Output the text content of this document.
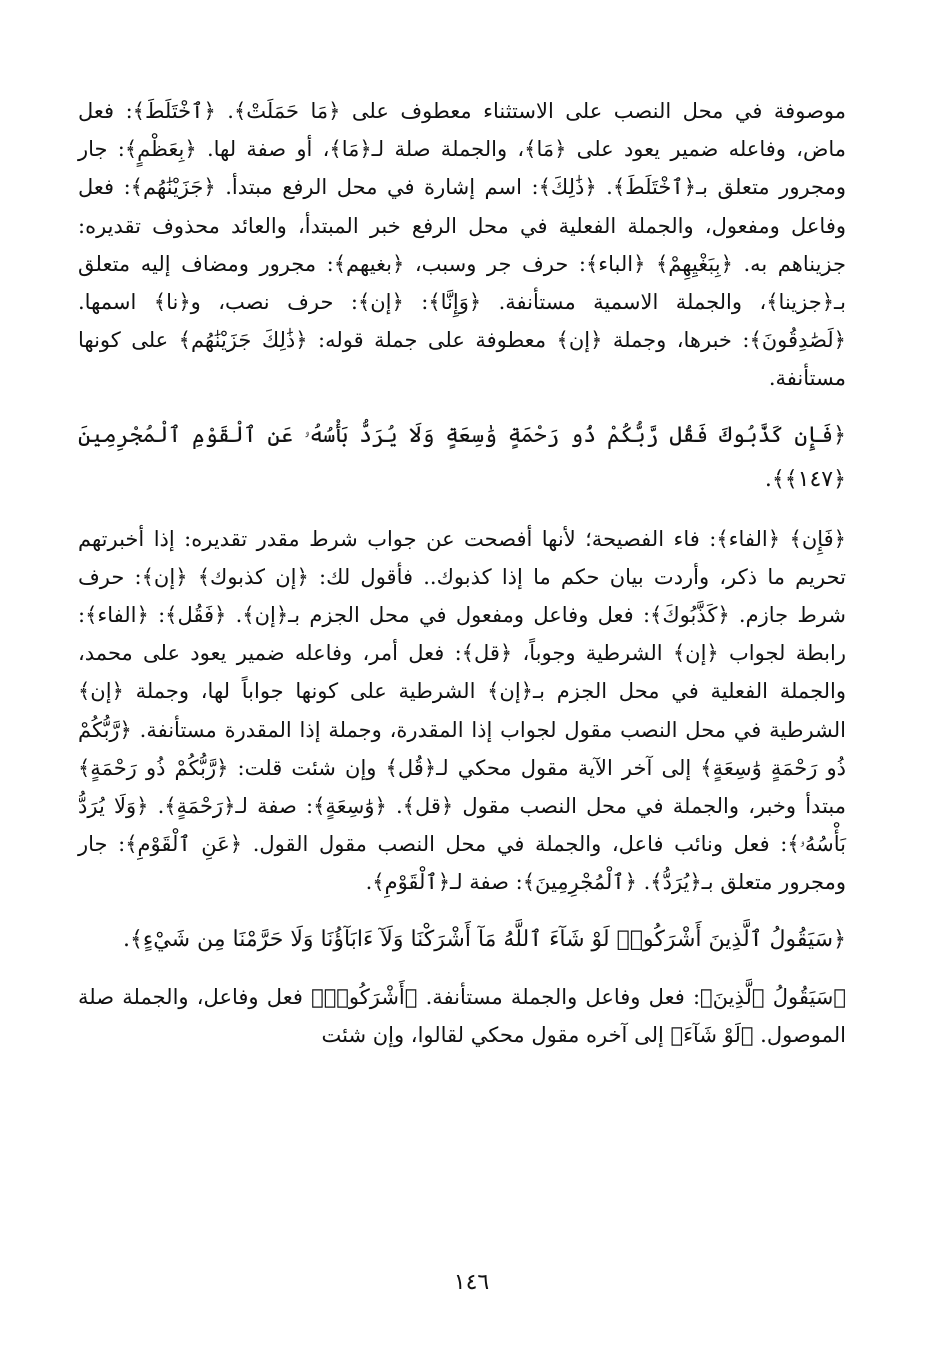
موصوفة في محل النصب على الاستثناء معطوف على ﴿مَا حَمَلَتْ﴾. ﴿ٱخْتَلَطَ﴾: فعل ماض، وفاعله ضمير يعود على ﴿مَا﴾، والجملة صلة لـ﴿مَا﴾، أو صفة لها. ﴿بِعَظْمٍ﴾: جار ومجرور متعلق بـ﴿ٱخْتَلَطَ﴾. ﴿ذَٰلِكَ﴾: اسم إشارة في محل الرفع مبتدأ. ﴿جَزَيْنَٰهُم﴾: فعل وفاعل ومفعول، والجملة الفعلية في محل الرفع خبر المبتدأ، والعائد محذوف تقديره: جزيناهم به. ﴿بِبَغْيِهِمْ﴾ ﴿الباء﴾: حرف جر وسبب، ﴿بغيهم﴾: مجرور ومضاف إليه متعلق بـ﴿جزينا﴾، والجملة الاسمية مستأنفة. ﴿وَإِنَّا﴾: ﴿إن﴾: حرف نصب، و﴿نا﴾ اسمها. ﴿لَصَٰدِقُونَ﴾: خبرها، وجملة ﴿إن﴾ معطوفة على جملة قوله: ﴿ذَٰلِكَ جَزَيْنَٰهُم﴾ على كونها مستأنفة.

﴿فَإِن كَذَّبُوكَ فَقُل رَّبُّكُمْ ذُو رَحْمَةٍ وَٰسِعَةٍ وَلَا يُرَدُّ بَأْسُهُۥ عَنِ ٱلْقَوْمِ ٱلْمُجْرِمِينَ ﴿١٤٧﴾﴾.

﴿فَإِن﴾ ﴿الفاء﴾: فاء الفصيحة؛ لأنها أفصحت عن جواب شرط مقدر تقديره: إذا أخبرتهم تحريم ما ذكر، وأردت بيان حكم ما إذا كذبوك.. فأقول لك: ﴿إن كذبوك﴾ ﴿إن﴾: حرف شرط جازم. ﴿كَذَّبُوكَ﴾: فعل وفاعل ومفعول في محل الجزم بـ﴿إن﴾. ﴿فَقُل﴾: ﴿الفاء﴾: رابطة لجواب ﴿إن﴾ الشرطية وجوباً، ﴿قل﴾: فعل أمر، وفاعله ضمير يعود على محمد، والجملة الفعلية في محل الجزم بـ﴿إن﴾ الشرطية على كونها جواباً لها، وجملة ﴿إن﴾ الشرطية في محل النصب مقول لجواب إذا المقدرة، وجملة إذا المقدرة مستأنفة. ﴿رَّبُّكُمْ ذُو رَحْمَةٍ وَٰسِعَةٍ﴾ إلى آخر الآية مقول محكي لـ﴿قُل﴾ وإن شئت قلت: ﴿رَّبُّكُمْ ذُو رَحْمَةٍ﴾ مبتدأ وخبر، والجملة في محل النصب مقول ﴿قل﴾. ﴿وَٰسِعَةٍ﴾: صفة لـ﴿رَحْمَةٍ﴾. ﴿وَلَا يُرَدُّ بَأْسُهُۥ﴾: فعل ونائب فاعل، والجملة في محل النصب مقول القول. ﴿عَنِ ٱلْقَوْمِ﴾: جار ومجرور متعلق بـ﴿يُرَدُّ﴾. ﴿ٱلْمُجْرِمِينَ﴾: صفة لـ﴿ٱلْقَوْمِ﴾.

﴿سَيَقُولُ ٱلَّذِينَ أَشْرَكُوا۟ لَوْ شَآءَ ٱللَّهُ مَآ أَشْرَكْنَا وَلَآ ءَابَآؤُنَا وَلَا حَرَّمْنَا مِن شَيْءٍ﴾.

﴿سَيَقُولُ ٱلَّذِينَ﴾: فعل وفاعل والجملة مستأنفة. ﴿أَشْرَكُوا۟﴾ فعل وفاعل، والجملة صلة الموصول. ﴿لَوْ شَآءَ﴾ إلى آخره مقول محكي لقالوا، وإن شئت

١٤٦
